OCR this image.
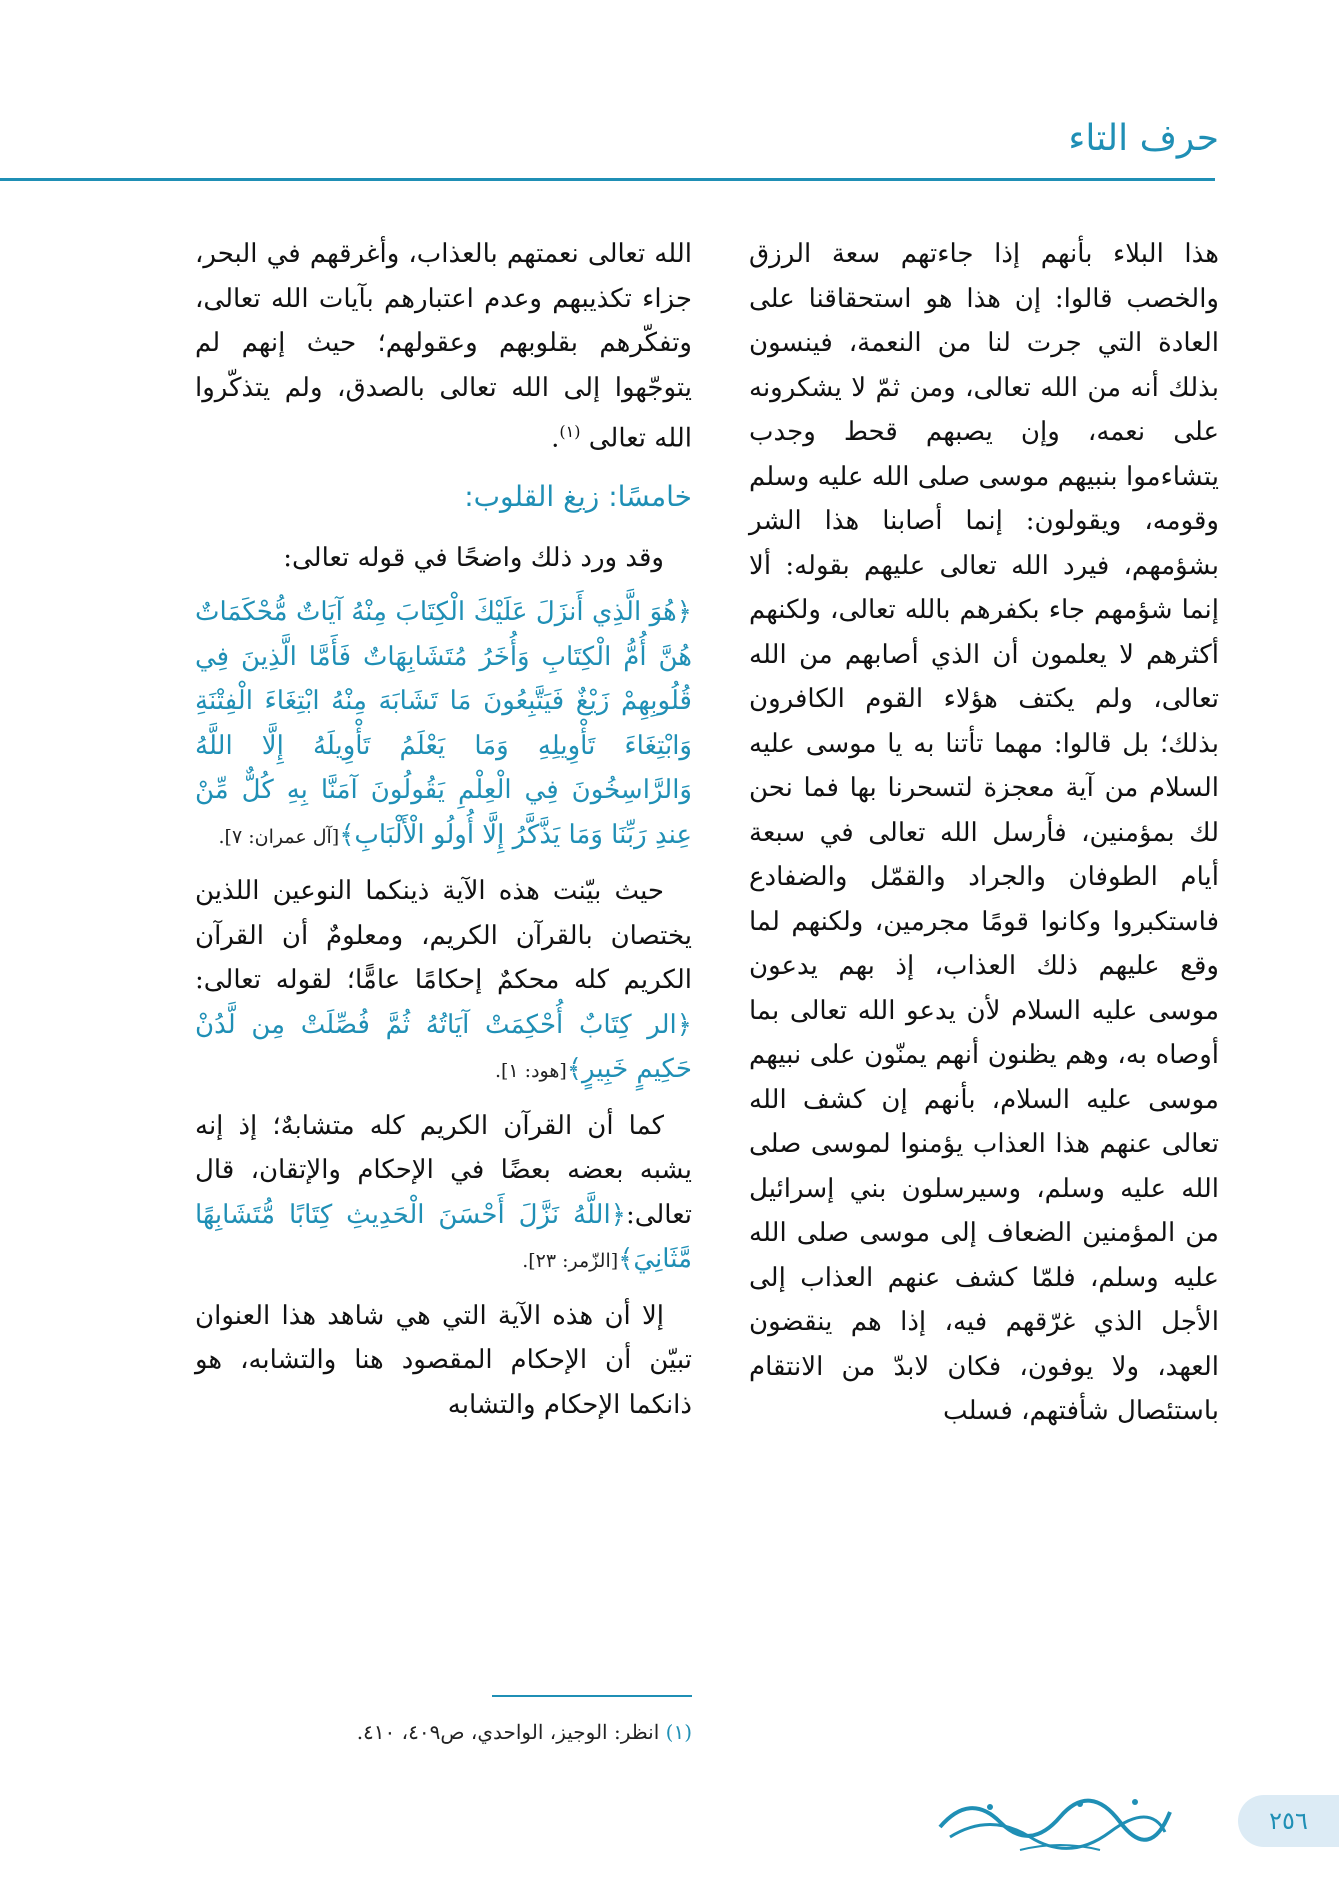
حرف التاء

هذا البلاء بأنهم إذا جاءتهم سعة الرزق والخصب قالوا: إن هذا هو استحقاقنا على العادة التي جرت لنا من النعمة، فينسون بذلك أنه من الله تعالى، ومن ثمّ لا يشكرونه على نعمه، وإن يصبهم قحط وجدب يتشاءموا بنبيهم موسى صلى الله عليه وسلم وقومه، ويقولون: إنما أصابنا هذا الشر بشؤمهم، فيرد الله تعالى عليهم بقوله: ألا إنما شؤمهم جاء بكفرهم بالله تعالى، ولكنهم أكثرهم لا يعلمون أن الذي أصابهم من الله تعالى، ولم يكتف هؤلاء القوم الكافرون بذلك؛ بل قالوا: مهما تأتنا به يا موسى عليه السلام من آية معجزة لتسحرنا بها فما نحن لك بمؤمنين، فأرسل الله تعالى في سبعة أيام الطوفان والجراد والقمّل والضفادع فاستكبروا وكانوا قومًا مجرمين، ولكنهم لما وقع عليهم ذلك العذاب، إذ بهم يدعون موسى عليه السلام لأن يدعو الله تعالى بما أوصاه به، وهم يظنون أنهم يمنّون على نبيهم موسى عليه السلام، بأنهم إن كشف الله تعالى عنهم هذا العذاب يؤمنوا لموسى صلى الله عليه وسلم، وسيرسلون بني إسرائيل من المؤمنين الضعاف إلى موسى صلى الله عليه وسلم، فلمّا كشف عنهم العذاب إلى الأجل الذي غرّقهم فيه، إذا هم ينقضون العهد، ولا يوفون، فكان لابدّ من الانتقام باستئصال شأفتهم، فسلب

الله تعالى نعمتهم بالعذاب، وأغرقهم في البحر، جزاء تكذيبهم وعدم اعتبارهم بآيات الله تعالى، وتفكّرهم بقلوبهم وعقولهم؛ حيث إنهم لم يتوجّهوا إلى الله تعالى بالصدق، ولم يتذكّروا الله تعالى $^{(١)}$.

خامسًا: زيغ القلوب:

وقد ورد ذلك واضحًا في قوله تعالى:

﴿هُوَ الَّذِي أَنزَلَ عَلَيْكَ الْكِتَابَ مِنْهُ آيَاتٌ مُّحْكَمَاتٌ هُنَّ أُمُّ الْكِتَابِ وَأُخَرُ مُتَشَابِهَاتٌ فَأَمَّا الَّذِينَ فِي قُلُوبِهِمْ زَيْغٌ فَيَتَّبِعُونَ مَا تَشَابَهَ مِنْهُ ابْتِغَاءَ الْفِتْنَةِ وَابْتِغَاءَ تَأْوِيلِهِ وَمَا يَعْلَمُ تَأْوِيلَهُ إِلَّا اللَّهُ وَالرَّاسِخُونَ فِي الْعِلْمِ يَقُولُونَ آمَنَّا بِهِ كُلٌّ مِّنْ عِندِ رَبِّنَا وَمَا يَذَّكَّرُ إِلَّا أُولُو الْأَلْبَابِ﴾[آل عمران: ٧].

حيث بيّنت هذه الآية ذينكما النوعين اللذين يختصان بالقرآن الكريم، ومعلومٌ أن القرآن الكريم كله محكمٌ إحكامًا عامًّا؛ لقوله تعالى: ﴿الر كِتَابٌ أُحْكِمَتْ آيَاتُهُ ثُمَّ فُصِّلَتْ مِن لَّدُنْ حَكِيمٍ خَبِيرٍ﴾[هود: ١].

كما أن القرآن الكريم كله متشابهٌ؛ إذ إنه يشبه بعضه بعضًا في الإحكام والإتقان، قال تعالى:﴿اللَّهُ نَزَّلَ أَحْسَنَ الْحَدِيثِ كِتَابًا مُّتَشَابِهًا مَّثَانِيَ﴾[الزّمر: ٢٣].

إلا أن هذه الآية التي هي شاهد هذا العنوان تبيّن أن الإحكام المقصود هنا والتشابه، هو ذانكما الإحكام والتشابه

(١) انظر: الوجيز، الواحدي، ص٤٠٩، ٤١٠.
٢٥٦
